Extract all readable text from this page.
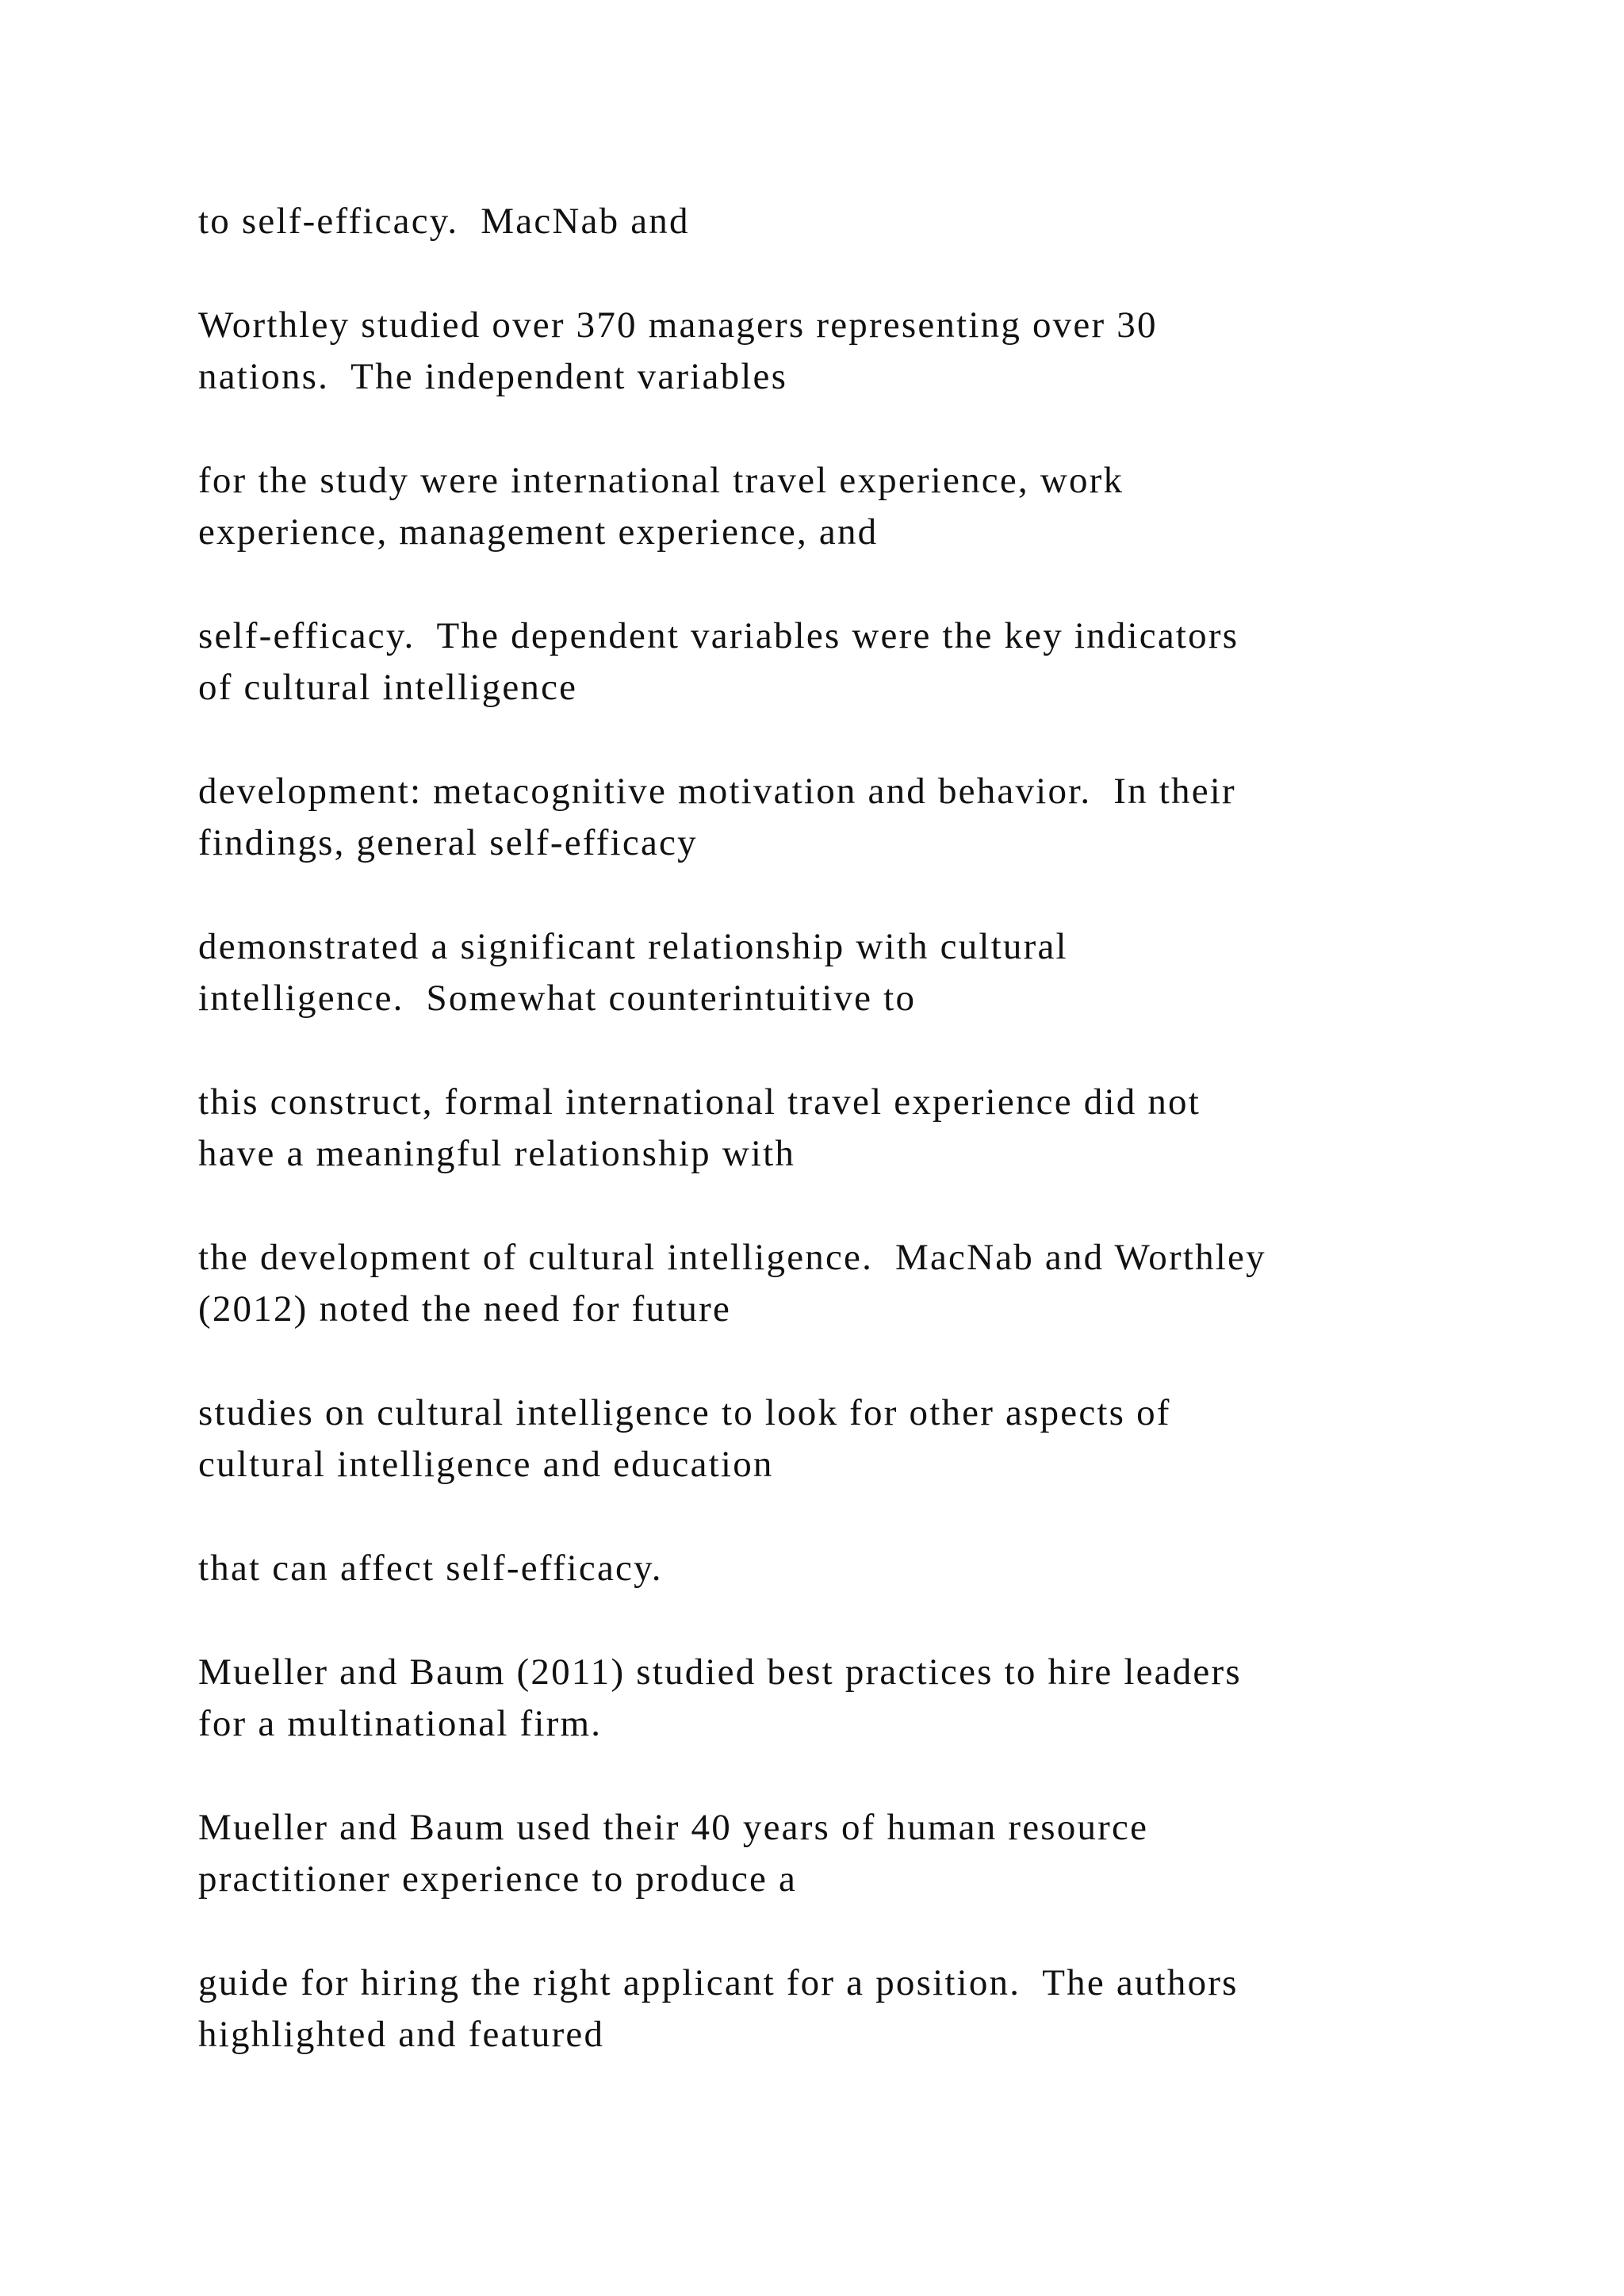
to self-efficacy.  MacNab and

Worthley studied over 370 managers representing over 30
nations.  The independent variables

for the study were international travel experience, work
experience, management experience, and

self-efficacy.  The dependent variables were the key indicators
of cultural intelligence

development: metacognitive motivation and behavior.  In their
findings, general self-efficacy

demonstrated a significant relationship with cultural
intelligence.  Somewhat counterintuitive to

this construct, formal international travel experience did not
have a meaningful relationship with

the development of cultural intelligence.  MacNab and Worthley
(2012) noted the need for future

studies on cultural intelligence to look for other aspects of
cultural intelligence and education

that can affect self-efficacy.

Mueller and Baum (2011) studied best practices to hire leaders
for a multinational firm.

Mueller and Baum used their 40 years of human resource
practitioner experience to produce a

guide for hiring the right applicant for a position.  The authors
highlighted and featured
